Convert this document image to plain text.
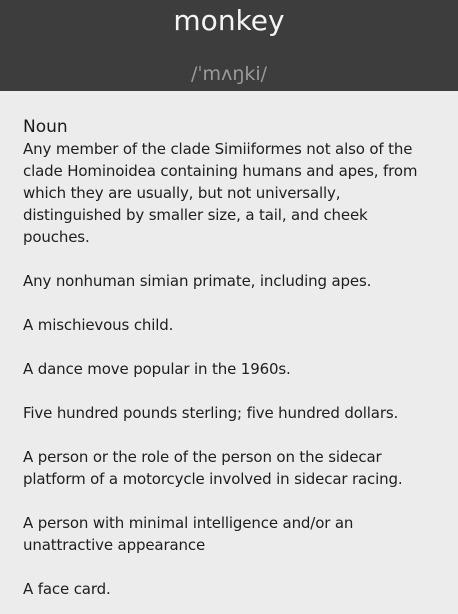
monkey
/ˈmʌŋki/
Noun

Any member of the clade Simiiformes not also of the clade Hominoidea containing humans and apes, from which they are usually, but not universally, distinguished by smaller size, a tail, and cheek pouches.

Any nonhuman simian primate, including apes.

A mischievous child.

A dance move popular in the 1960s.

Five hundred pounds sterling; five hundred dollars.

A person or the role of the person on the sidecar platform of a motorcycle involved in sidecar racing.

A person with minimal intelligence and/or an unattractive appearance

A face card.
